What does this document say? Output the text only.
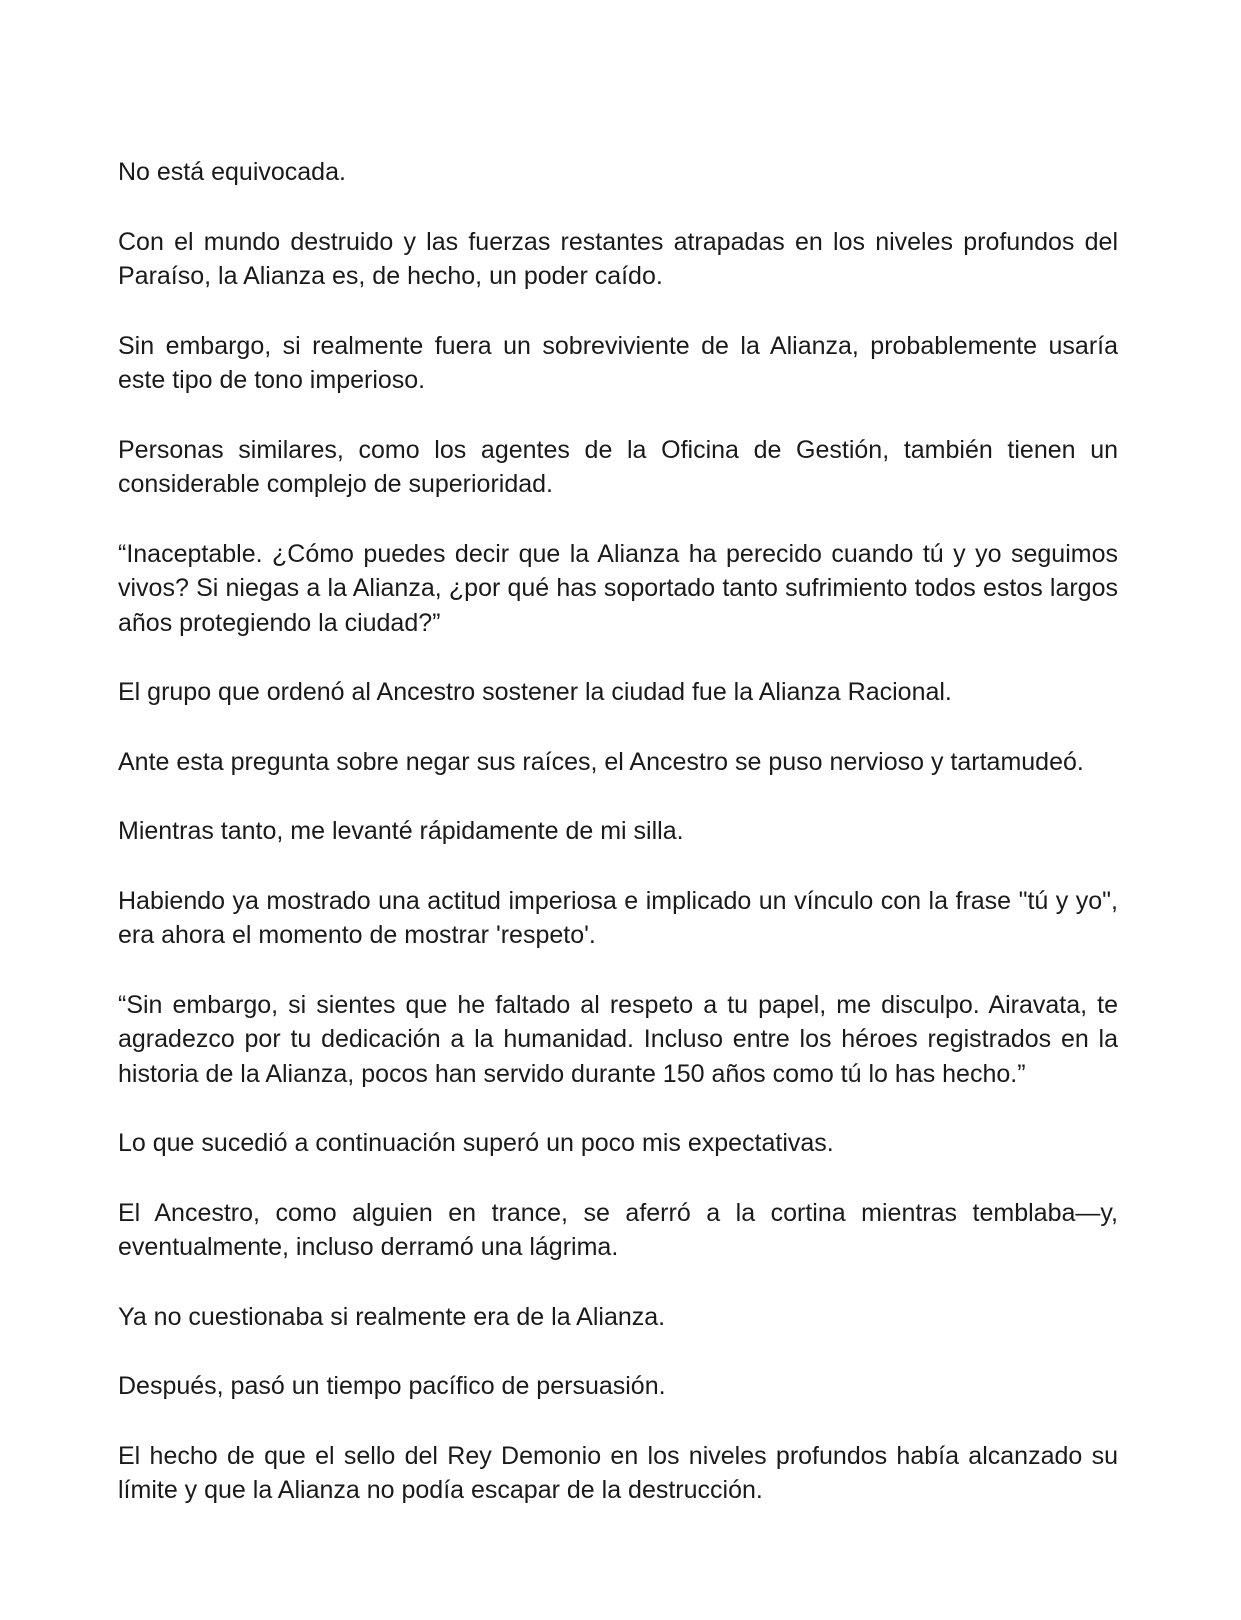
No está equivocada.

Con el mundo destruido y las fuerzas restantes atrapadas en los niveles profundos del Paraíso, la Alianza es, de hecho, un poder caído.

Sin embargo, si realmente fuera un sobreviviente de la Alianza, probablemente usaría este tipo de tono imperioso.

Personas similares, como los agentes de la Oficina de Gestión, también tienen un considerable complejo de superioridad.

“Inaceptable. ¿Cómo puedes decir que la Alianza ha perecido cuando tú y yo seguimos vivos? Si niegas a la Alianza, ¿por qué has soportado tanto sufrimiento todos estos largos años protegiendo la ciudad?”

El grupo que ordenó al Ancestro sostener la ciudad fue la Alianza Racional.

Ante esta pregunta sobre negar sus raíces, el Ancestro se puso nervioso y tartamudeó.

Mientras tanto, me levanté rápidamente de mi silla.

Habiendo ya mostrado una actitud imperiosa e implicado un vínculo con la frase "tú y yo", era ahora el momento de mostrar 'respeto'.

“Sin embargo, si sientes que he faltado al respeto a tu papel, me disculpo. Airavata, te agradezco por tu dedicación a la humanidad. Incluso entre los héroes registrados en la historia de la Alianza, pocos han servido durante 150 años como tú lo has hecho.”

Lo que sucedió a continuación superó un poco mis expectativas.

El Ancestro, como alguien en trance, se aferró a la cortina mientras temblaba—y, eventualmente, incluso derramó una lágrima.

Ya no cuestionaba si realmente era de la Alianza.

Después, pasó un tiempo pacífico de persuasión.

El hecho de que el sello del Rey Demonio en los niveles profundos había alcanzado su límite y que la Alianza no podía escapar de la destrucción.
